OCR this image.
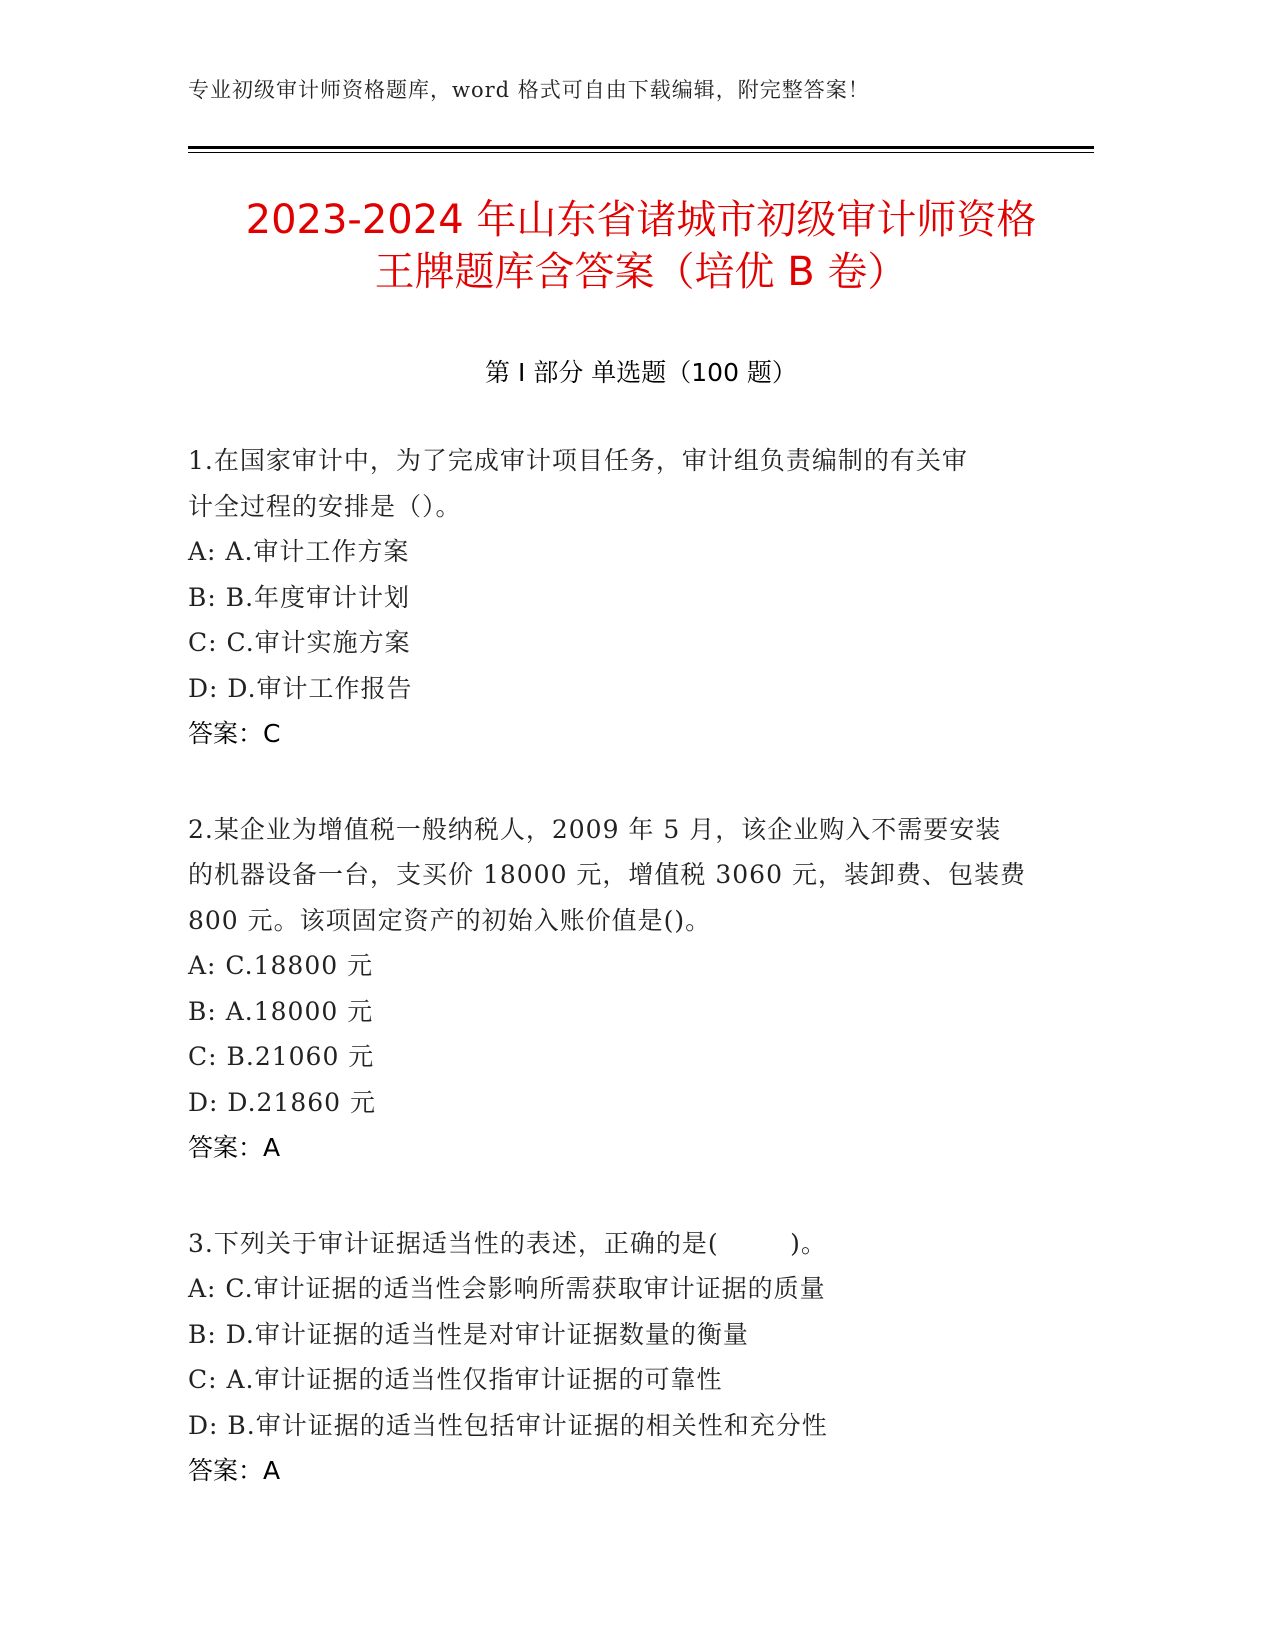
专业初级审计师资格题库，word 格式可自由下载编辑，附完整答案！
2023-2024 年山东省诸城市初级审计师资格
王牌题库含答案（培优 B 卷）
第 I 部分 单选题（100 题）
1.在国家审计中，为了完成审计项目任务，审计组负责编制的有关审
计全过程的安排是（）。
A: A.审计工作方案
B: B.年度审计计划
C: C.审计实施方案
D: D.审计工作报告
答案：C
2.某企业为增值税一般纳税人，2009 年 5 月，该企业购入不需要安装
的机器设备一台，支买价 18000 元，增值税 3060 元，装卸费、包装费
800 元。该项固定资产的初始入账价值是()。
A: C.18800 元
B: A.18000 元
C: B.21060 元
D: D.21860 元
答案：A
3.下列关于审计证据适当性的表述，正确的是(        )。
A: C.审计证据的适当性会影响所需获取审计证据的质量
B: D.审计证据的适当性是对审计证据数量的衡量
C: A.审计证据的适当性仅指审计证据的可靠性
D: B.审计证据的适当性包括审计证据的相关性和充分性
答案：A
